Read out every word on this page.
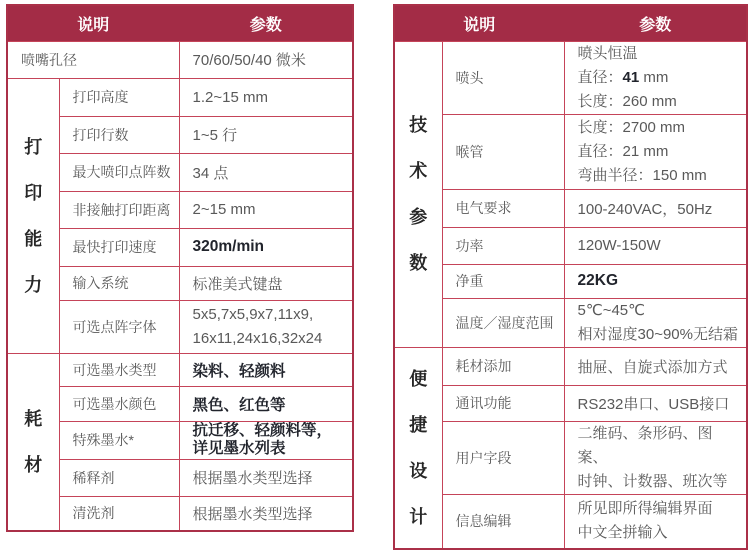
说明		参数
喷嘴孔径		70/60/50/40 微米

打印能力	打印高度	1.2~15 mm
	打印行数	1~5 行
	最大喷印点阵数	34 点
	非接触打印距离	2~15 mm
	最快打印速度	320m/min
	输入系统	标准美式键盘
	可选点阵字体	5x5,7x5,9x7,11x9,
16x11,24x16,32x24

耗材	可选墨水类型	染料、轻颜料
	可选墨水颜色	黑色、红色等
	特殊墨水*	抗迁移、轻颜料等，
详见墨水列表

	稀释剂	根据墨水类型选择
	清洗剂	根据墨水类型选择
说明		参数

技术参数	喷头	喷头恒温
直径：41 mm
长度：260 mm

	喉管	长度：2700 mm
直径：21 mm
弯曲半径：150 mm

	电气要求	100-240VAC，50Hz
	功率	120W-150W
	净重	22KG
	温度／湿度范围	5℃~45℃
相对湿度30~90%无结霜

便捷设计	耗材添加	抽屉、自旋式添加方式
	通讯功能	RS232串口、USB接口
	用户字段	二维码、条形码、图案、
时钟、计数器、班次等

	信息编辑	所见即所得编辑界面
中文全拼输入
